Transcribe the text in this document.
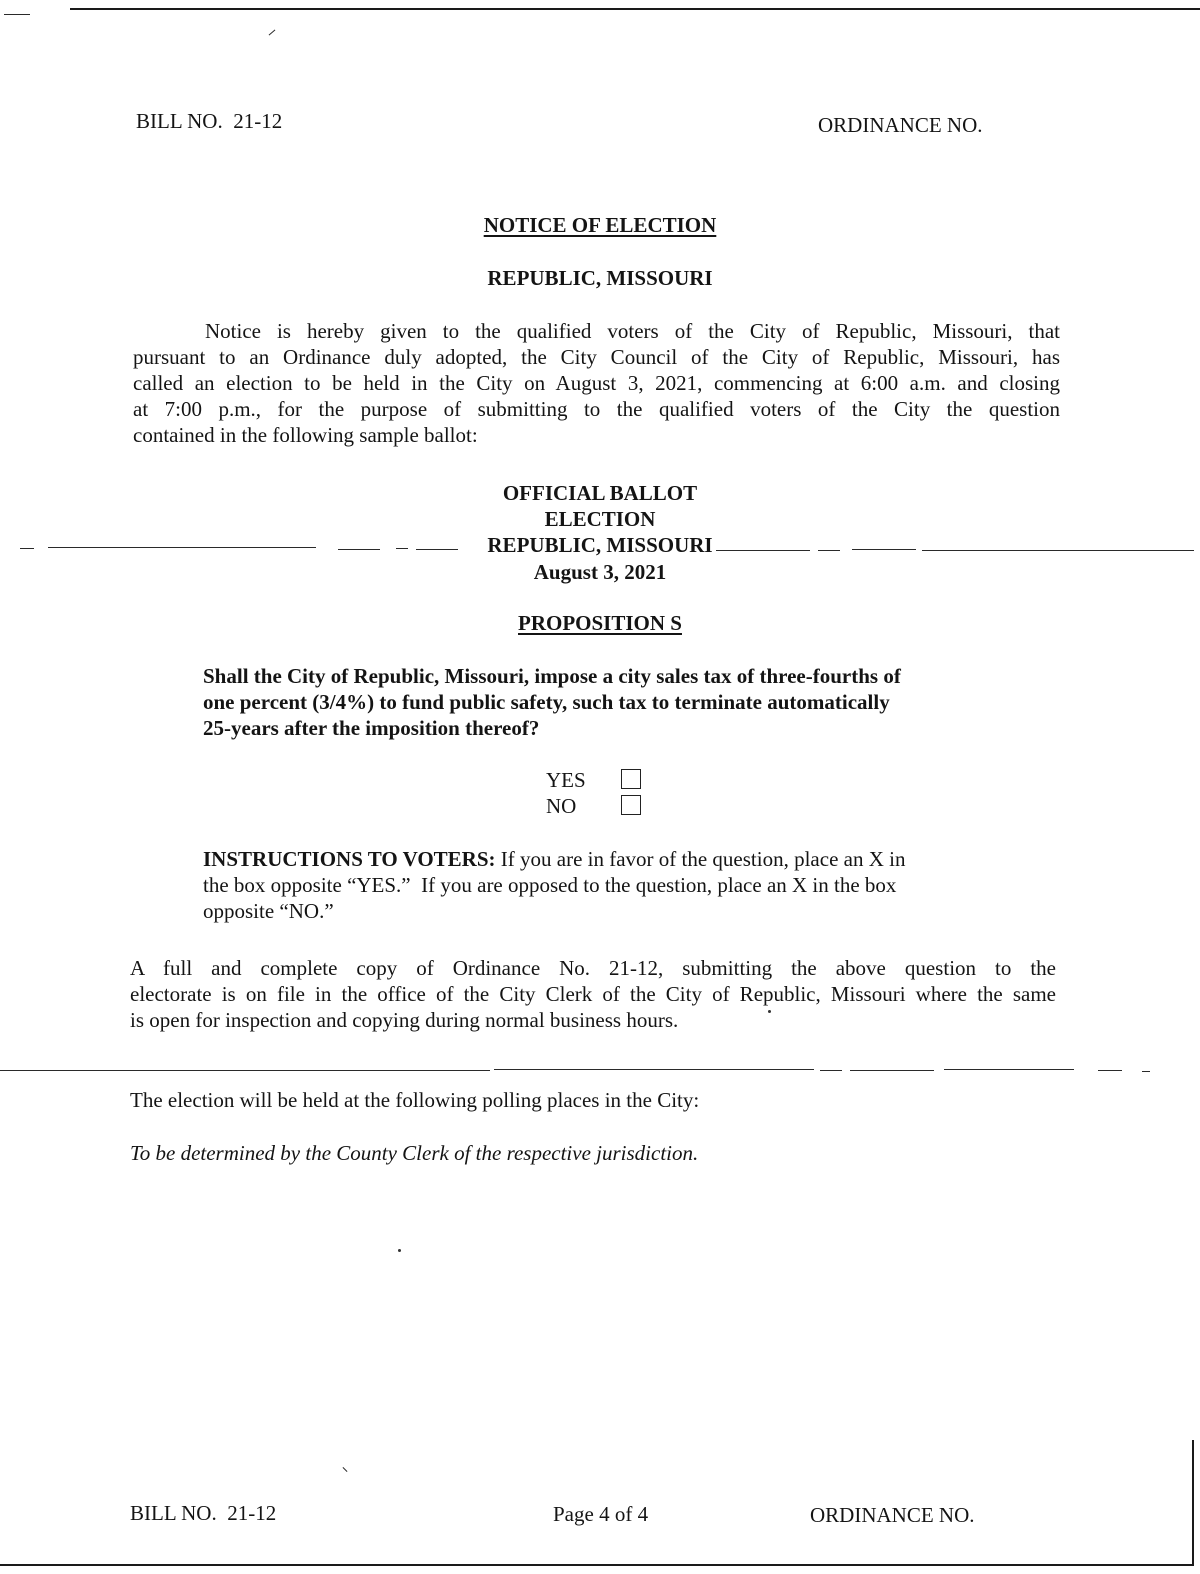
BILL NO.  21-12	ORDINANCE NO.
NOTICE OF ELECTION
REPUBLIC, MISSOURI
Notice is hereby given to the qualified voters of the City of Republic, Missouri, that
pursuant to an Ordinance duly adopted, the City Council of the City of Republic, Missouri, has
called an election to be held in the City on August 3, 2021, commencing at 6:00 a.m. and closing
at 7:00 p.m., for the purpose of submitting to the qualified voters of the City the question
contained in the following sample ballot:
OFFICIAL BALLOT
ELECTION
REPUBLIC, MISSOURI
August 3, 2021
PROPOSITION S
Shall the City of Republic, Missouri, impose a city sales tax of three-fourths of
one percent (3/4%) to fund public safety, such tax to terminate automatically
25-years after the imposition thereof?
YES
NO
INSTRUCTIONS TO VOTERS: If you are in favor of the question, place an X in
the box opposite “YES.”  If you are opposed to the question, place an X in the box
opposite “NO.”
A full and complete copy of Ordinance No. 21-12, submitting the above question to the
electorate is on file in the office of the City Clerk of the City of Republic, Missouri where the same
is open for inspection and copying during normal business hours.
The election will be held at the following polling places in the City:
To be determined by the County Clerk of the respective jurisdiction.
BILL NO.  21-12	Page 4 of 4	ORDINANCE NO.
